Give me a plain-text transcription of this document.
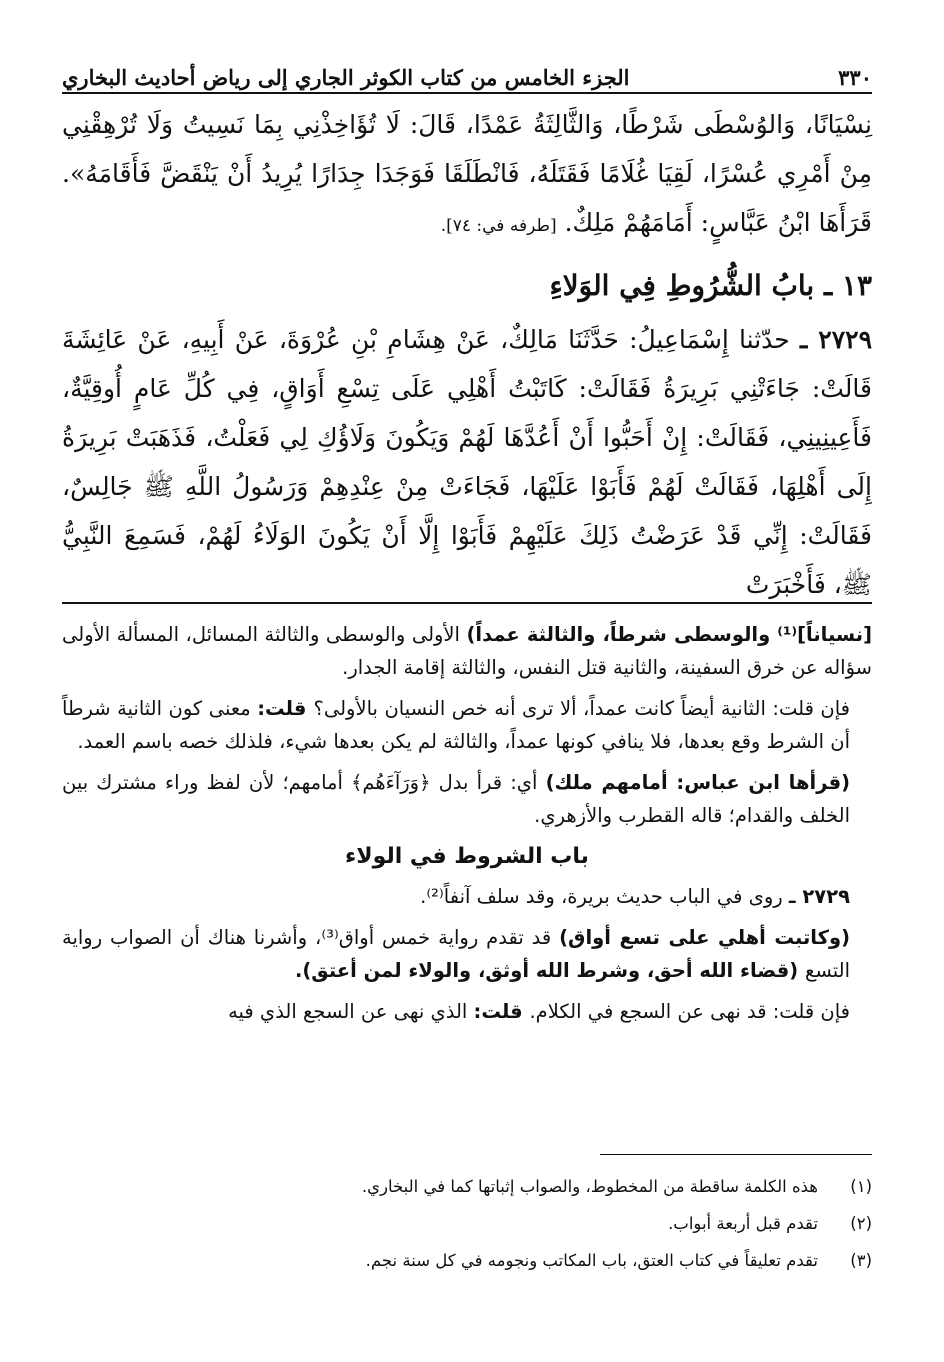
٣٣٠
الجزء الخامس من كتاب الكوثر الجاري إلى رياض أحاديث البخاري

نِسْيَانًا، وَالوُسْطَى شَرْطًا، وَالثَّالِثَةُ عَمْدًا، قَالَ: لَا تُؤَاخِذْنِي بِمَا نَسِيتُ وَلَا تُرْهِقْنِي مِنْ أَمْرِي عُسْرًا، لَقِيَا غُلَامًا فَقَتَلَهُ، فَانْطَلَقَا فَوَجَدَا جِدَارًا يُرِيدُ أَنْ يَنْقَضَّ فَأَقَامَهُ». قَرَأَهَا ابْنُ عَبَّاسٍ: أَمَامَهُمْ مَلِكٌ. [طرفه في: ٧٤].

١٣ ـ بابُ الشُّرُوطِ فِي الوَلاءِ

٢٧٢٩ ـ حدّثنا إِسْمَاعِيلُ: حَدَّثَنَا مَالِكٌ، عَنْ هِشَامِ بْنِ عُرْوَةَ، عَنْ أَبِيهِ، عَنْ عَائِشَةَ قَالَتْ: جَاءَتْنِي بَرِيرَةُ فَقَالَتْ: كَاتَبْتُ أَهْلِي عَلَى تِسْعِ أَوَاقٍ، فِي كُلِّ عَامٍ أُوقِيَّةٌ، فَأَعِينِينِي، فَقَالَتْ: إِنْ أَحَبُّوا أَنْ أَعُدَّهَا لَهُمْ وَيَكُونَ وَلَاؤُكِ لِي فَعَلْتُ، فَذَهَبَتْ بَرِيرَةُ إِلَى أَهْلِهَا، فَقَالَتْ لَهُمْ فَأَبَوْا عَلَيْهَا، فَجَاءَتْ مِنْ عِنْدِهِمْ وَرَسُولُ اللَّهِ ﷺ جَالِسٌ، فَقَالَتْ: إِنِّي قَدْ عَرَضْتُ ذَلِكَ عَلَيْهِمْ فَأَبَوْا إِلَّا أَنْ يَكُونَ الوَلَاءُ لَهُمْ، فَسَمِعَ النَّبِيُّ ﷺ، فَأَخْبَرَتْ

[نسياناً]⁽¹⁾ والوسطى شرطاً، والثالثة عمداً) الأولى والوسطى والثالثة المسائل، المسألة الأولى سؤاله عن خرق السفينة، والثانية قتل النفس، والثالثة إقامة الجدار.

فإن قلت: الثانية أيضاً كانت عمداً، ألا ترى أنه خص النسيان بالأولى؟ قلت: معنى كون الثانية شرطاً أن الشرط وقع بعدها، فلا ينافي كونها عمداً، والثالثة لم يكن بعدها شيء، فلذلك خصه باسم العمد.

(قرأها ابن عباس: أمامهم ملك) أي: قرأ بدل ﴿وَرَآءَهُم﴾ أمامهم؛ لأن لفظ وراء مشترك بين الخلف والقدام؛ قاله القطرب والأزهري.

باب الشروط في الولاء

٢٧٢٩ ـ روى في الباب حديث بريرة، وقد سلف آنفاً⁽²⁾.

(وكاتبت أهلي على تسع أواق) قد تقدم رواية خمس أواق⁽³⁾، وأشرنا هناك أن الصواب رواية التسع (قضاء الله أحق، وشرط الله أوثق، والولاء لمن أعتق).

فإن قلت: قد نهى عن السجع في الكلام. قلت: الذي نهى عن السجع الذي فيه

(١)
هذه الكلمة ساقطة من المخطوط، والصواب إثباتها كما في البخاري.
(٢)
تقدم قبل أربعة أبواب.
(٣)
تقدم تعليقاً في كتاب العتق، باب المكاتب ونجومه في كل سنة نجم.
